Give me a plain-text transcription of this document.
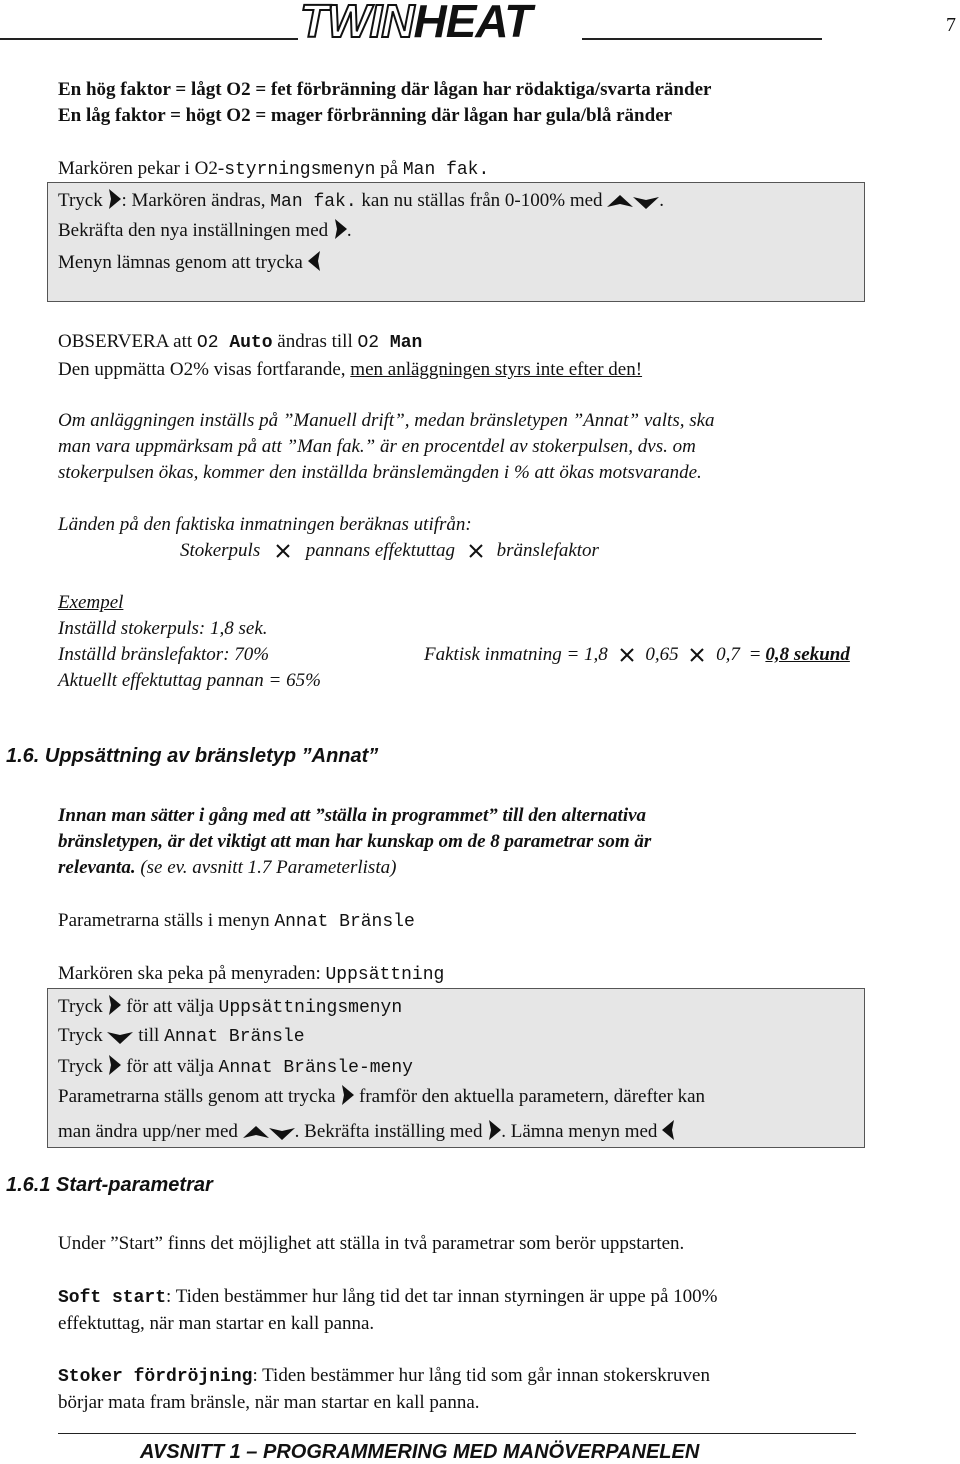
TWINHEAT	7
En hög faktor = lågt O2 = fet förbränning där lågan har rödaktiga/svarta ränder
En låg faktor = högt O2 = mager förbränning där lågan har gula/blå ränder
Markören pekar i O2-styrningsmenyn på Man fak.
Tryck : Markören ändras, Man fak. kan nu ställas från 0-100% med	.
Bekräfta den nya inställningen med .
Menyn lämnas genom att trycka
OBSERVERA att O2 Auto ändras till O2 Man
Den uppmätta O2% visas fortfarande, men anläggningen styrs inte efter den!
Om anläggningen inställs på ”Manuell drift”, medan bränsletypen ”Annat” valts, ska
man vara uppmärksam på att ”Man fak.” är en procentdel av stokerpulsen, dvs. om
stokerpulsen ökas, kommer den inställda bränslemängden i % att ökas motsvarande.
Länden på den faktiska inmatningen beräknas utifrån:
Stokerpuls pannans effektuttag bränslefaktor
Exempel
Inställd stokerpuls: 1,8 sek.
Inställd bränslefaktor: 70%
Aktuellt effektuttag pannan = 65%
Faktisk inmatning = 1,8 0,65 0,7 = 0,8 sekund
1.6. Uppsättning av bränsletyp ”Annat”
Innan man sätter i gång med att ”ställa in programmet” till den alternativa
bränsletypen, är det viktigt att man har kunskap om de 8 parametrar som är
relevanta. (se ev. avsnitt 1.7 Parameterlista)
Parametrarna ställs i menyn Annat Bränsle
Markören ska peka på menyraden: Uppsättning
Tryck  för att välja Uppsättningsmenyn
Tryck  till Annat Bränsle
Tryck  för att välja Annat Bränsle-meny
Parametrarna ställs genom att trycka  framför den aktuella parametern, därefter kan
man ändra upp/ner med	. Bekräfta inställing med . Lämna menyn med
1.6.1 Start-parametrar
Under ”Start” finns det möjlighet att ställa in två parametrar som berör uppstarten.
Soft start: Tiden bestämmer hur lång tid det tar innan styrningen är uppe på 100%
effektuttag, när man startar en kall panna.
Stoker fördröjning: Tiden bestämmer hur lång tid som går innan stokerskruven
börjar mata fram bränsle, när man startar en kall panna.
AVSNITT 1 – PROGRAMMERING MED MANÖVERPANELEN
